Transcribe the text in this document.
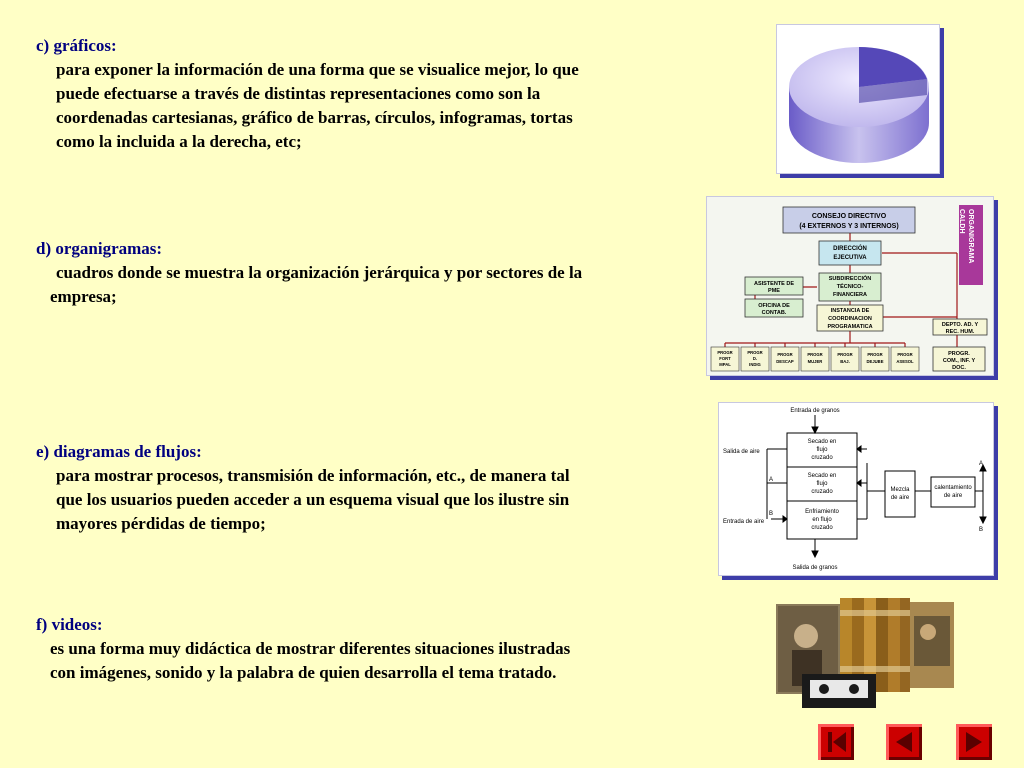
c) gráficos:
para exponer la información de una forma que se visualice mejor, lo que
puede efectuarse a través de distintas representaciones como son la
coordenadas cartesianas, gráfico de barras, círculos, infogramas, tortas
como la incluida a la derecha, etc;
d) organigramas:
cuadros donde se muestra la organización jerárquica y por sectores de la
empresa;
e) diagramas de flujos:
para mostrar procesos, transmisión de información, etc., de manera tal
que los usuarios pueden acceder a un esquema visual que los ilustre sin
mayores pérdidas de tiempo;
f) videos:
es una forma muy didáctica de mostrar diferentes situaciones ilustradas
con imágenes, sonido y la palabra de quien desarrolla el tema tratado.
CONSEJO DIRECTIVO
(4 EXTERNOS Y 3 INTERNOS)
DIRECCIÓN
EJECUTIVA
SUBDIRECCIÓN
TÉCNICO-
FINANCIERA
ASISTENTE DE
PME
OFICINA DE
CONTAB.	INSTANCIA DE
COORDINACION
PROGRAMATICA	DEPTO. AD. Y
REC. HUM.
PROGR.
COM., INF. Y
DOC.
PROGR
FORT
MPAL
PROGR
D.
INDIG
PROGR
DESCAP
PROGR
MUJER
PROGR
BAJ.
PROGR
DEJUBE
PROGR
ASESOL
ORGANIGRAMA
CALDH
Entrada de granos
Salida de granos
Salida de aire
Entrada de aire
Secado en
flujo
cruzado
Secado en
flujo
cruzado
Enfriamiento
en flujo
cruzado
Mezcla
de aire
calentamiento
de aire
A
A
B
B
